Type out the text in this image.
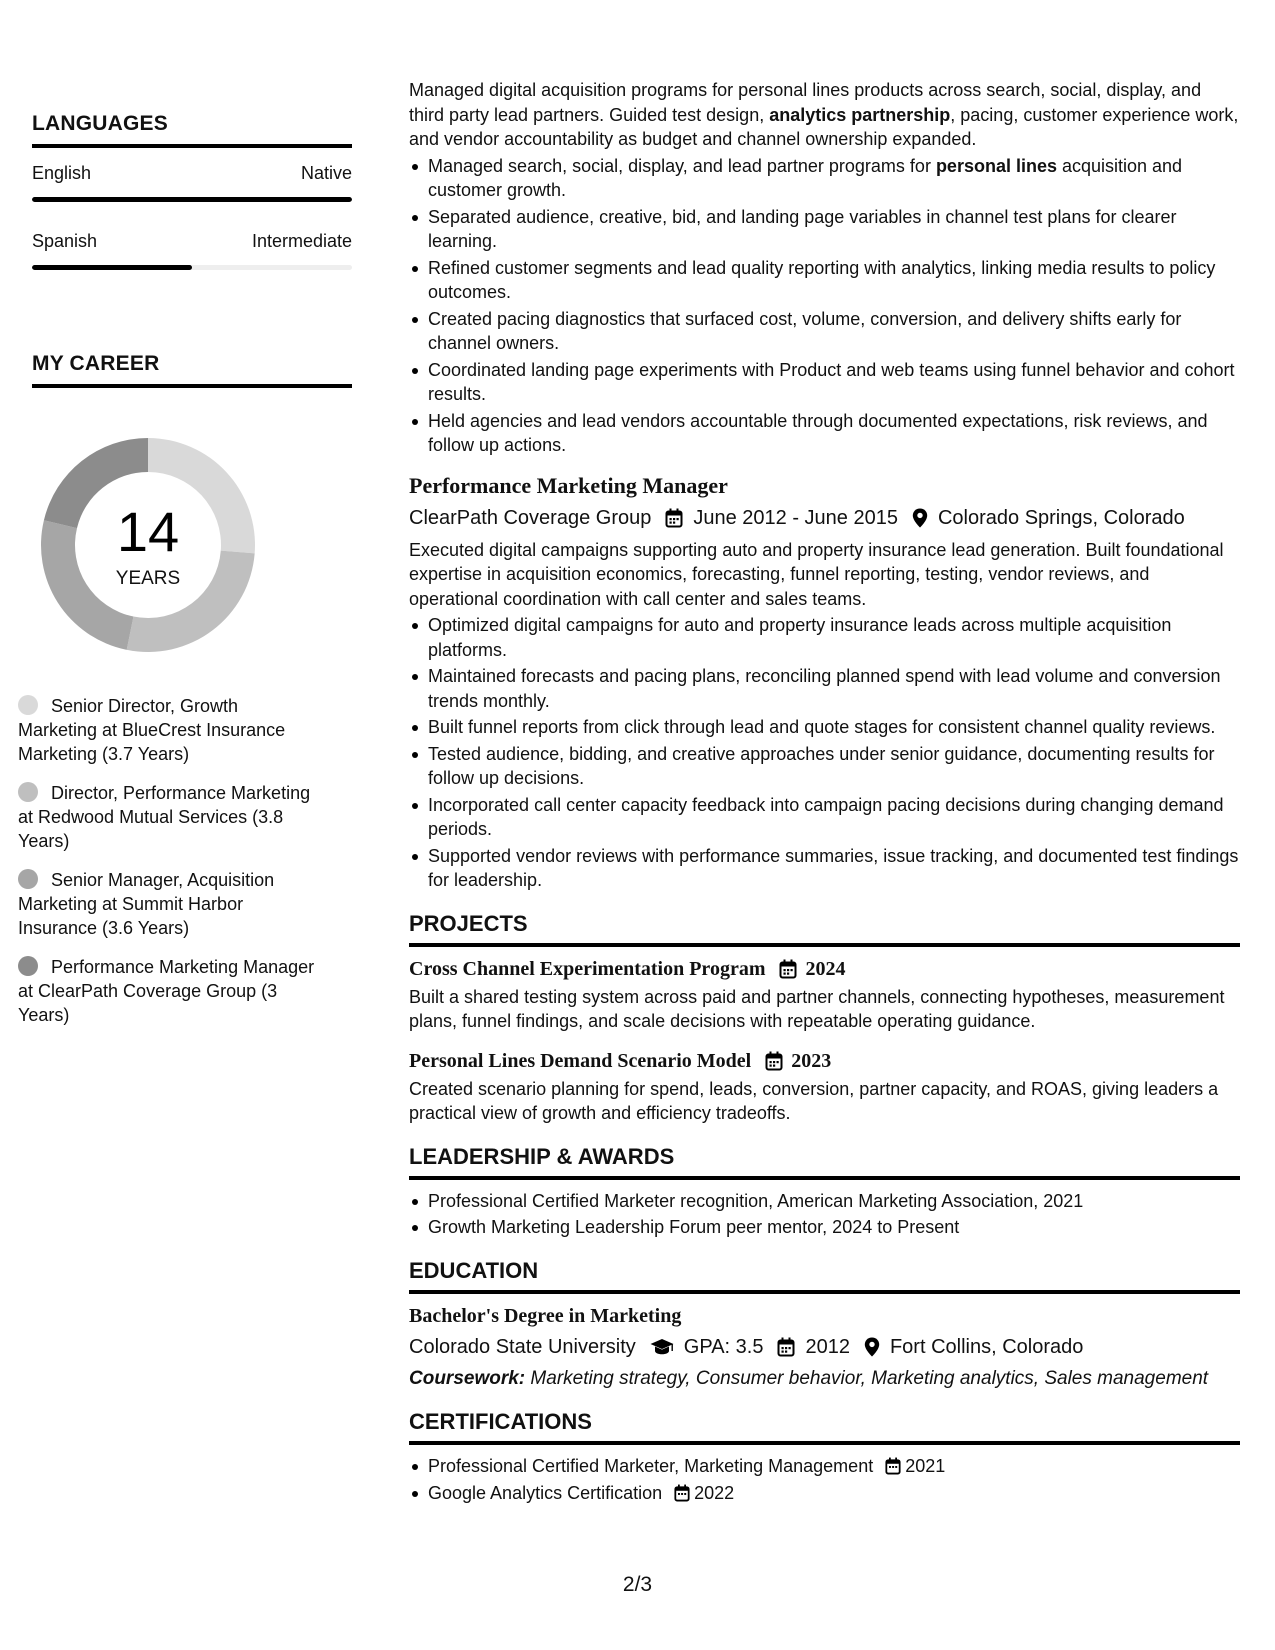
LANGUAGES
English	Native
Spanish	Intermediate
MY CAREER
14
YEARS
Senior Director, Growth Marketing at BlueCrest Insurance Marketing (3.7 Years)
Director, Performance Marketing at Redwood Mutual Services (3.8 Years)
Senior Manager, Acquisition Marketing at Summit Harbor Insurance (3.6 Years)
Performance Marketing Manager at ClearPath Coverage Group (3 Years)

Managed digital acquisition programs for personal lines products across search, social, display, and third party lead partners. Guided test design, analytics partnership, pacing, customer experience work, and vendor accountability as budget and channel ownership expanded.

Managed search, social, display, and lead partner programs for personal lines acquisition and customer growth.
Separated audience, creative, bid, and landing page variables in channel test plans for clearer learning.
Refined customer segments and lead quality reporting with analytics, linking media results to policy outcomes.
Created pacing diagnostics that surfaced cost, volume, conversion, and delivery shifts early for channel owners.
Coordinated landing page experiments with Product and web teams using funnel behavior and cohort results.
Held agencies and lead vendors accountable through documented expectations, risk reviews, and follow up actions.
Performance Marketing Manager
ClearPath Coverage Group June 2012 - June 2015 Colorado Springs, Colorado

Executed digital campaigns supporting auto and property insurance lead generation. Built foundational expertise in acquisition economics, forecasting, funnel reporting, testing, vendor reviews, and operational coordination with call center and sales teams.

Optimized digital campaigns for auto and property insurance leads across multiple acquisition platforms.
Maintained forecasts and pacing plans, reconciling planned spend with lead volume and conversion trends monthly.
Built funnel reports from click through lead and quote stages for consistent channel quality reviews.
Tested audience, bidding, and creative approaches under senior guidance, documenting results for follow up decisions.
Incorporated call center capacity feedback into campaign pacing decisions during changing demand periods.
Supported vendor reviews with performance summaries, issue tracking, and documented test findings for leadership.
PROJECTS
Cross Channel Experimentation Program 2024

Built a shared testing system across paid and partner channels, connecting hypotheses, measurement plans, funnel findings, and scale decisions with repeatable operating guidance.

Personal Lines Demand Scenario Model 2023

Created scenario planning for spend, leads, conversion, partner capacity, and ROAS, giving leaders a practical view of growth and efficiency tradeoffs.

LEADERSHIP & AWARDS
Professional Certified Marketer recognition, American Marketing Association, 2021
Growth Marketing Leadership Forum peer mentor, 2024 to Present
EDUCATION
Bachelor's Degree in Marketing
Colorado State University GPA: 3.5 2012 Fort Collins, Colorado

Coursework: Marketing strategy, Consumer behavior, Marketing analytics, Sales management

CERTIFICATIONS
Professional Certified Marketer, Marketing Management 2021
Google Analytics Certification 2022
2/3
